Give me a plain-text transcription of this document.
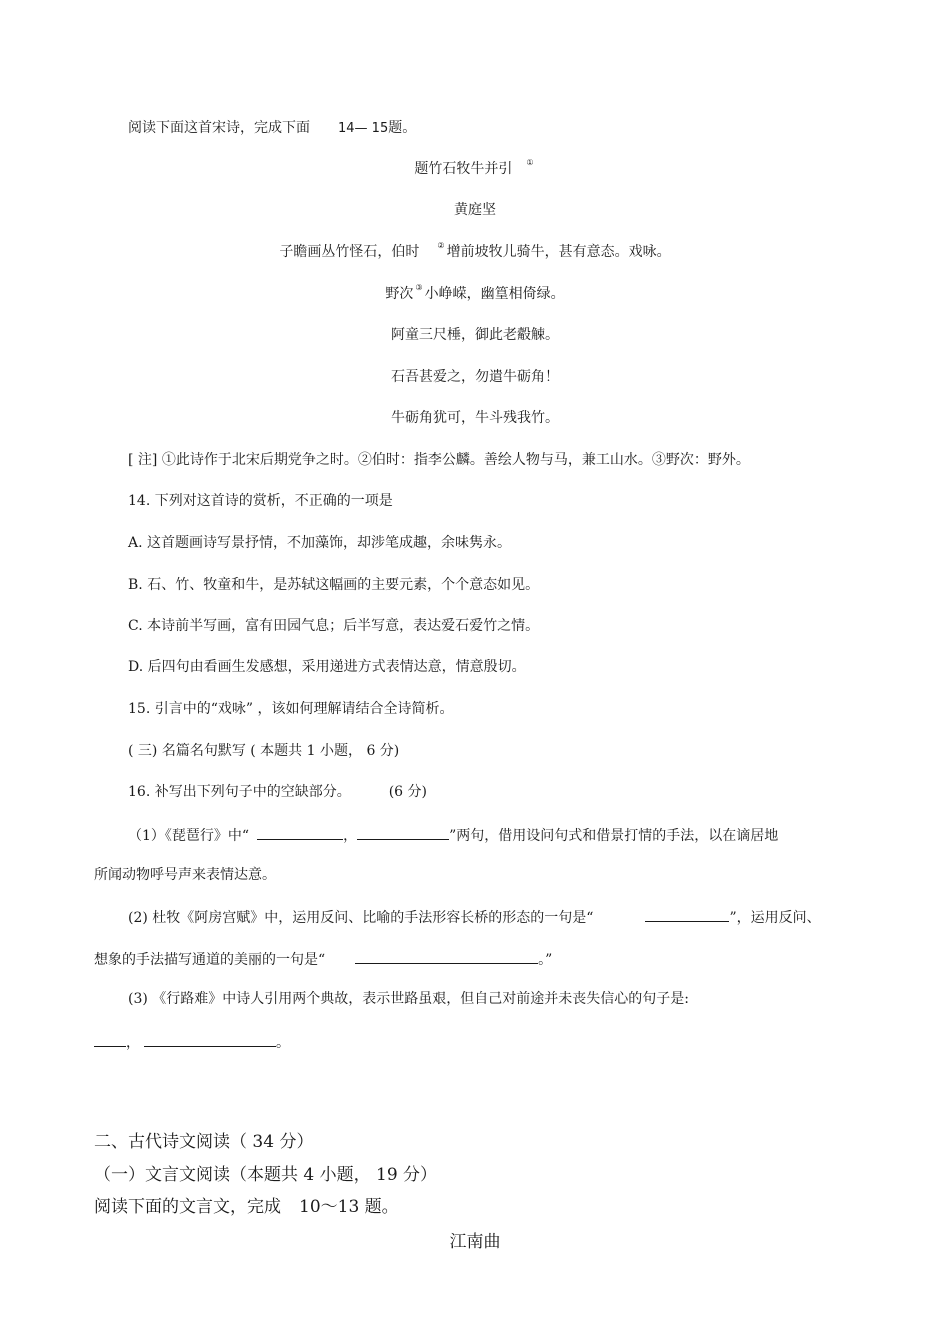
阅读下面这首宋诗，完成下面 14— 15题。
题竹石牧牛并引 ①
黄庭坚
子瞻画丛竹怪石，伯时 ② 增前坡牧儿骑牛，甚有意态。戏咏。
野次 ③ 小峥嵘，幽篁相倚绿。
阿童三尺棰，御此老觳觫。
石吾甚爱之，勿遣牛砺角！
牛砺角犹可，牛斗残我竹。
[ 注] ①此诗作于北宋后期党争之时。②伯时：指李公麟。善绘人物与马，兼工山水。③野次：野外。
14. 下列对这首诗的赏析，不正确的一项是
A. 这首题画诗写景抒情，不加藻饰，却涉笔成趣，余味隽永。
B. 石、竹、牧童和牛，是苏轼这幅画的主要元素，个个意态如见。
C. 本诗前半写画，富有田园气息；后半写意，表达爱石爱竹之情。
D. 后四句由看画生发感想，采用递进方式表情达意，情意殷切。
15. 引言中的“戏咏” ，该如何理解请结合全诗简析。
( 三) 名篇名句默写 ( 本题共 1 小题， 6 分)
16. 补写出下列句子中的空缺部分。	(6 分)
（1）《琵琶行》中“	，	”两句，借用设问句式和借景打情的手法，以在谪居地
所闻动物呼号声来表情达意。
(2) 杜牧《阿房宫赋》中，运用反问、比喻的手法形容长桥的形态的一句是“	”，运用反问、
想象的手法描写通道的美丽的一句是“	。”
(3) 《行路难》中诗人引用两个典故，表示世路虽艰，但自己对前途并未丧失信心的句子是:
，	。
二、古代诗文阅读（ 34 分）
（一）文言文阅读（本题共 4 小题， 19 分）
阅读下面的文言文，完成 10～13 题。
江南曲
